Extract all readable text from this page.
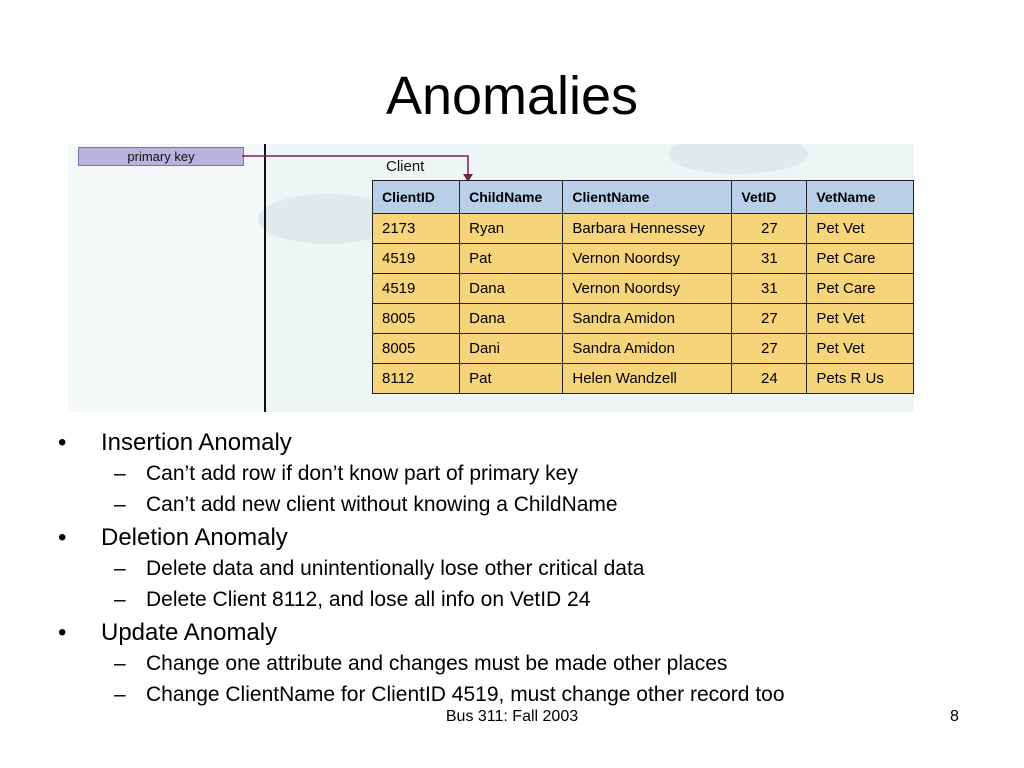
Anomalies
primary key
Client
ClientID	ChildName	ClientName	VetID	VetName
2173	Ryan	Barbara Hennessey	27	Pet Vet
4519	Pat	Vernon Noordsy	31	Pet Care
4519	Dana	Vernon Noordsy	31	Pet Care
8005	Dana	Sandra Amidon	27	Pet Vet
8005	Dani	Sandra Amidon	27	Pet Vet
8112	Pat	Helen Wandzell	24	Pets R Us
•	Insertion Anomaly
– Can’t add row if don’t know part of primary key
– Can’t add new client without knowing a ChildName
•	Deletion Anomaly
– Delete data and unintentionally lose other critical data
– Delete Client 8112, and lose all info on VetID 24
•	Update Anomaly
– Change one attribute and changes must be made other places
– Change ClientName for ClientID 4519, must change other record too
Bus 311: Fall 2003	8
